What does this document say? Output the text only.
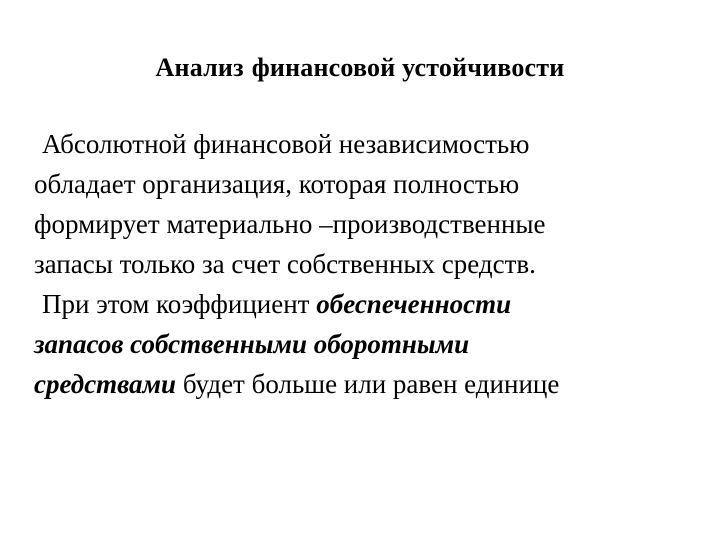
Анализ финансовой устойчивости

Абсолютной финансовой независимостью
обладает организация, которая полностью
формирует материально –производственные
запасы только за счет собственных средств.

При этом коэффициент обеспеченности
запасов собственными оборотными
средствами будет больше или равен единице
